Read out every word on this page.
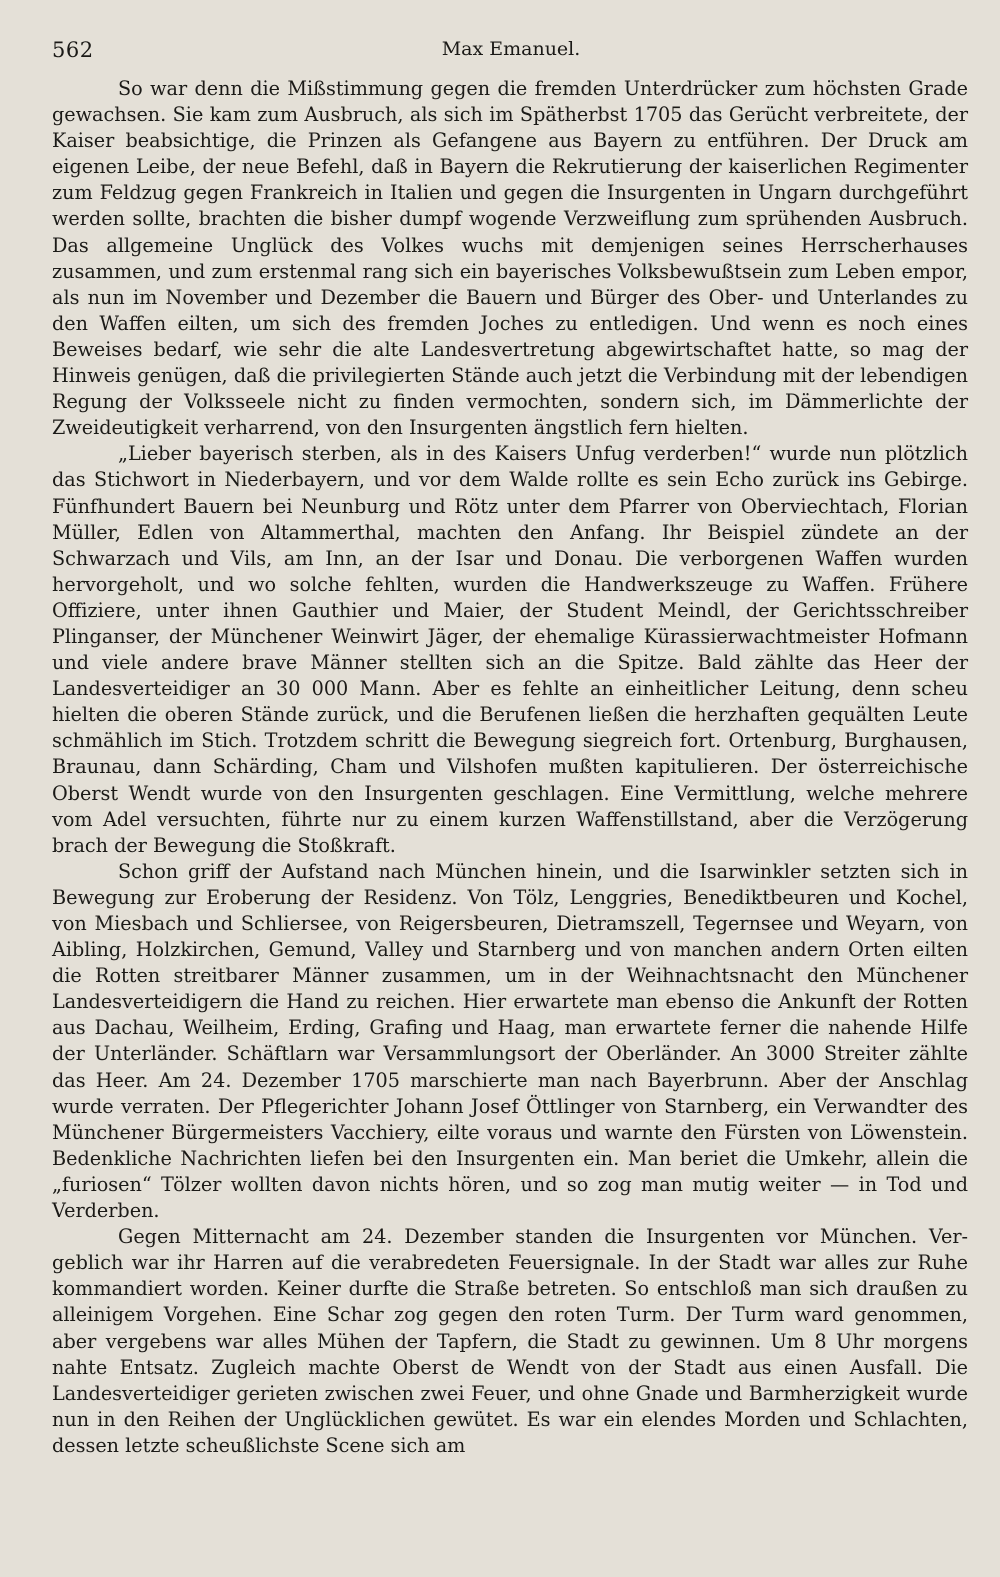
562	Max Emanuel.

So war denn die Mißstimmung gegen die fremden Unterdrücker zum höchsten Grade gewachsen. Sie kam zum Ausbruch, als sich im Spätherbst 1705 das Gerücht verbreitete, der Kaiser beabsichtige, die Prinzen als Gefangene aus Bayern zu entführen. Der Druck am eigenen Leibe, der neue Befehl, daß in Bayern die Rekrutierung der kaiserlichen Regimenter zum Feldzug gegen Frankreich in Italien und gegen die Insurgenten in Ungarn durchgeführt werden sollte, brachten die bisher dumpf wogende Verzweiflung zum sprühenden Ausbruch. Das allgemeine Unglück des Volkes wuchs mit demjenigen seines Herrscherhauses zusammen, und zum erstenmal rang sich ein bayerisches Volksbewußtsein zum Leben empor, als nun im November und Dezember die Bauern und Bürger des Ober- und Unterlandes zu den Waffen eilten, um sich des fremden Joches zu entledigen. Und wenn es noch eines Beweises bedarf, wie sehr die alte Landesvertretung abgewirtschaftet hatte, so mag der Hinweis genügen, daß die privilegierten Stände auch jetzt die Verbindung mit der lebendigen Regung der Volksseele nicht zu finden vermochten, sondern sich, im Dämmerlichte der Zweideutigkeit verharrend, von den Insurgenten ängstlich fern hielten.

„Lieber bayerisch sterben, als in des Kaisers Unfug verderben!“ wurde nun plötzlich das Stichwort in Niederbayern, und vor dem Walde rollte es sein Echo zurück ins Gebirge. Fünfhundert Bauern bei Neunburg und Rötz unter dem Pfarrer von Oberviechtach, Florian Müller, Edlen von Altammerthal, machten den Anfang. Ihr Beispiel zündete an der Schwarzach und Vils, am Inn, an der Isar und Donau. Die verborgenen Waffen wurden hervorgeholt, und wo solche fehlten, wurden die Handwerkszeuge zu Waffen. Frühere Offiziere, unter ihnen Gauthier und Maier, der Student Meindl, der Gerichtsschreiber Plinganser, der Münchener Weinwirt Jäger, der ehemalige Kürassierwachtmeister Hofmann und viele andere brave Männer stellten sich an die Spitze. Bald zählte das Heer der Landesverteidiger an 30 000 Mann. Aber es fehlte an einheitlicher Leitung, denn scheu hielten die oberen Stände zurück, und die Berufenen ließen die herzhaften gequälten Leute schmählich im Stich. Trotzdem schritt die Bewegung siegreich fort. Ortenburg, Burghausen, Braunau, dann Schärding, Cham und Vilshofen mußten kapitulieren. Der österreichische Oberst Wendt wurde von den Insurgenten geschlagen. Eine Vermittlung, welche mehrere vom Adel versuchten, führte nur zu einem kurzen Waffenstillstand, aber die Verzögerung brach der Bewegung die Stoßkraft.

Schon griff der Aufstand nach München hinein, und die Isarwinkler setzten sich in Bewegung zur Eroberung der Residenz. Von Tölz, Lenggries, Benediktbeuren und Kochel, von Miesbach und Schliersee, von Reigersbeuren, Dietramszell, Tegernsee und Weyarn, von Aibling, Holzkirchen, Gemund, Valley und Starnberg und von manchen andern Orten eilten die Rotten streitbarer Männer zusammen, um in der Weihnachtsnacht den Münchener Landesverteidigern die Hand zu reichen. Hier erwartete man ebenso die Ankunft der Rotten aus Dachau, Weilheim, Erding, Grafing und Haag, man erwartete ferner die nahende Hilfe der Unterländer. Schäftlarn war Versammlungsort der Oberländer. An 3000 Streiter zählte das Heer. Am 24. Dezember 1705 marschierte man nach Bayerbrunn. Aber der Anschlag wurde verraten. Der Pflegerichter Johann Josef Öttlinger von Starnberg, ein Verwandter des Münchener Bürgermeisters Vacchiery, eilte voraus und warnte den Fürsten von Löwenstein. Bedenkliche Nachrichten liefen bei den Insurgenten ein. Man beriet die Umkehr, allein die „furiosen“ Tölzer wollten davon nichts hören, und so zog man mutig weiter — in Tod und Verderben.

Gegen Mitternacht am 24. Dezember standen die Insurgenten vor München. Vergeblich war ihr Harren auf die verabredeten Feuersignale. In der Stadt war alles zur Ruhe kommandiert worden. Keiner durfte die Straße betreten. So entschloß man sich draußen zu alleinigem Vorgehen. Eine Schar zog gegen den roten Turm. Der Turm ward genommen, aber vergebens war alles Mühen der Tapfern, die Stadt zu gewinnen. Um 8 Uhr morgens nahte Entsatz. Zugleich machte Oberst de Wendt von der Stadt aus einen Ausfall. Die Landesverteidiger gerieten zwischen zwei Feuer, und ohne Gnade und Barmherzigkeit wurde nun in den Reihen der Unglücklichen gewütet. Es war ein elendes Morden und Schlachten, dessen letzte scheußlichste Scene sich am
